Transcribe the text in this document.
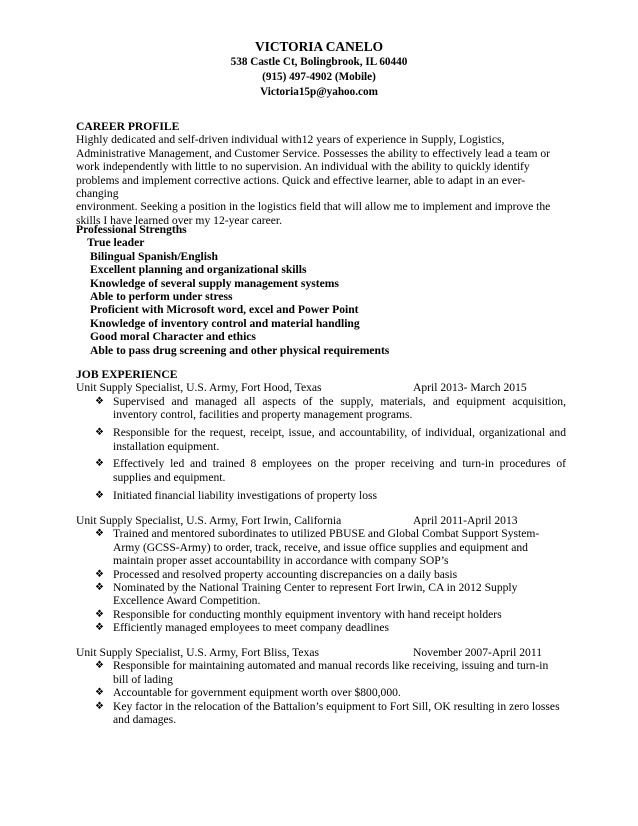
VICTORIA CANELO
538 Castle Ct, Bolingbrook, IL 60440
(915) 497-4902 (Mobile)
Victoria15p@yahoo.com
CAREER PROFILE
Highly dedicated and self-driven individual with12 years of experience in Supply, Logistics,
Administrative Management, and Customer Service. Possesses the ability to effectively lead a team or
work independently with little to no supervision. An individual with the ability to quickly identify
problems and implement corrective actions. Quick and effective learner, able to adapt in an ever-changing
environment. Seeking a position in the logistics field that will allow me to implement and improve the
skills I have learned over my 12-year career.
Professional Strengths
True leader
Bilingual Spanish/English
Excellent planning and organizational skills
Knowledge of several supply management systems
Able to perform under stress
Proficient with Microsoft word, excel and Power Point
Knowledge of inventory control and material handling
Good moral Character and ethics
Able to pass drug screening and other physical requirements
JOB EXPERIENCE
Unit Supply Specialist, U.S. Army, Fort Hood, Texas	April 2013- March 2015
❖ Supervised and managed all aspects of the supply, materials, and equipment acquisition, inventory control, facilities and property management programs.
❖ Responsible for the request, receipt, issue, and accountability, of individual, organizational and installation equipment.
❖ Effectively led and trained 8 employees on the proper receiving and turn-in procedures of supplies and equipment.
❖ Initiated financial liability investigations of property loss
Unit Supply Specialist, U.S. Army, Fort Irwin, California	April 2011-April 2013
❖ Trained and mentored subordinates to utilized PBUSE and Global Combat Support System-Army (GCSS-Army) to order, track, receive, and issue office supplies and equipment and maintain proper asset accountability in accordance with company SOP’s
❖ Processed and resolved property accounting discrepancies on a daily basis
❖ Nominated by the National Training Center to represent Fort Irwin, CA in 2012 Supply Excellence Award Competition.
❖ Responsible for conducting monthly equipment inventory with hand receipt holders
❖ Efficiently managed employees to meet company deadlines
Unit Supply Specialist, U.S. Army, Fort Bliss, Texas	November 2007-April 2011
❖ Responsible for maintaining automated and manual records like receiving, issuing and turn-in bill of lading
❖ Accountable for government equipment worth over $800,000.
❖ Key factor in the relocation of the Battalion’s equipment to Fort Sill, OK resulting in zero losses and damages.
